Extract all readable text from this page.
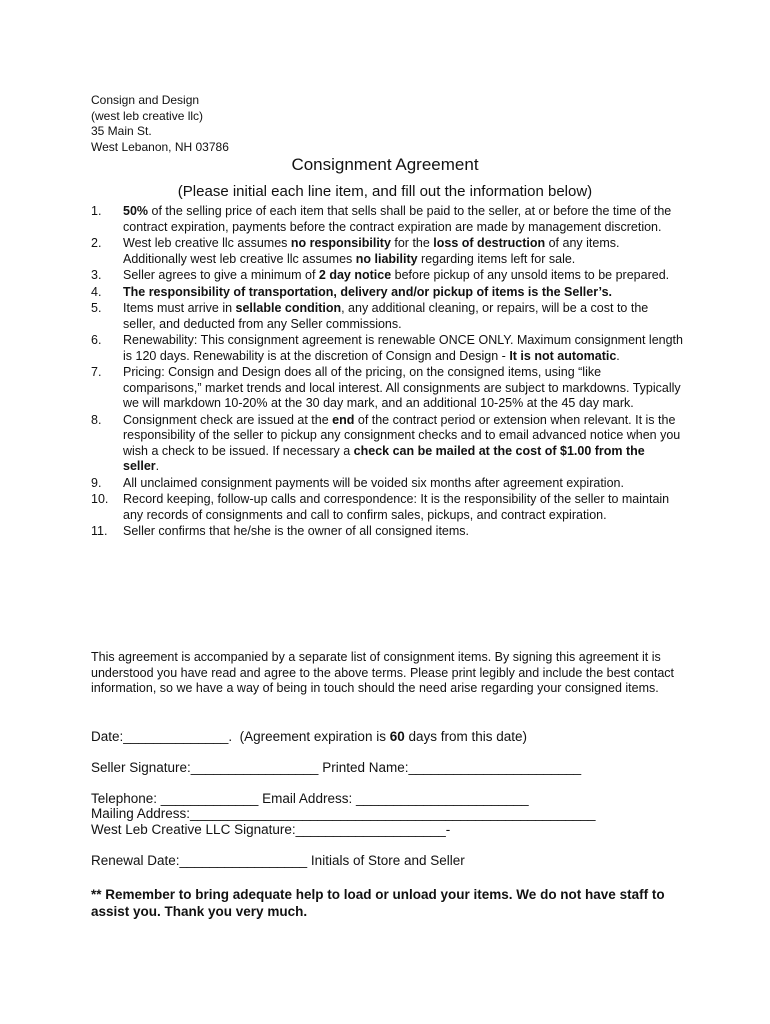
Consign and Design
(west leb creative llc)
35 Main St.
West Lebanon, NH 03786
Consignment Agreement
(Please initial each line item, and fill out the information below)
1. 50% of the selling price of each item that sells shall be paid to the seller, at or before the time of the contract expiration, payments before the contract expiration are made by management discretion.
2. West leb creative llc assumes no responsibility for the loss of destruction of any items. Additionally west leb creative llc assumes no liability regarding items left for sale.
3. Seller agrees to give a minimum of 2 day notice before pickup of any unsold items to be prepared.
4. The responsibility of transportation, delivery and/or pickup of items is the Seller’s.
5. Items must arrive in sellable condition, any additional cleaning, or repairs, will be a cost to the seller, and deducted from any Seller commissions.
6. Renewability: This consignment agreement is renewable ONCE ONLY. Maximum consignment length is 120 days. Renewability is at the discretion of Consign and Design - It is not automatic.
7. Pricing: Consign and Design does all of the pricing, on the consigned items, using “like comparisons,” market trends and local interest. All consignments are subject to markdowns. Typically we will markdown 10-20% at the 30 day mark, and an additional 10-25% at the 45 day mark.
8. Consignment check are issued at the end of the contract period or extension when relevant. It is the responsibility of the seller to pickup any consignment checks and to email advanced notice when you wish a check to be issued. If necessary a check can be mailed at the cost of $1.00 from the seller.
9. All unclaimed consignment payments will be voided six months after agreement expiration.
10. Record keeping, follow-up calls and correspondence: It is the responsibility of the seller to maintain any records of consignments and call to confirm sales, pickups, and contract expiration.
11. Seller confirms that he/she is the owner of all consigned items.
This agreement is accompanied by a separate list of consignment items. By signing this agreement it is understood you have read and agree to the above terms. Please print legibly and include the best contact information, so we have a way of being in touch should the need arise regarding your consigned items.
Date:______________.  (Agreement expiration is 60 days from this date)
Seller Signature:_________________ Printed Name:_______________________
Telephone: _____________ Email Address: _______________________
Mailing Address:______________________________________________________
West Leb Creative LLC Signature:____________________-
Renewal Date:_________________ Initials of Store and Seller
** Remember to bring adequate help to load or unload your items. We do not have staff to assist you. Thank you very much.
